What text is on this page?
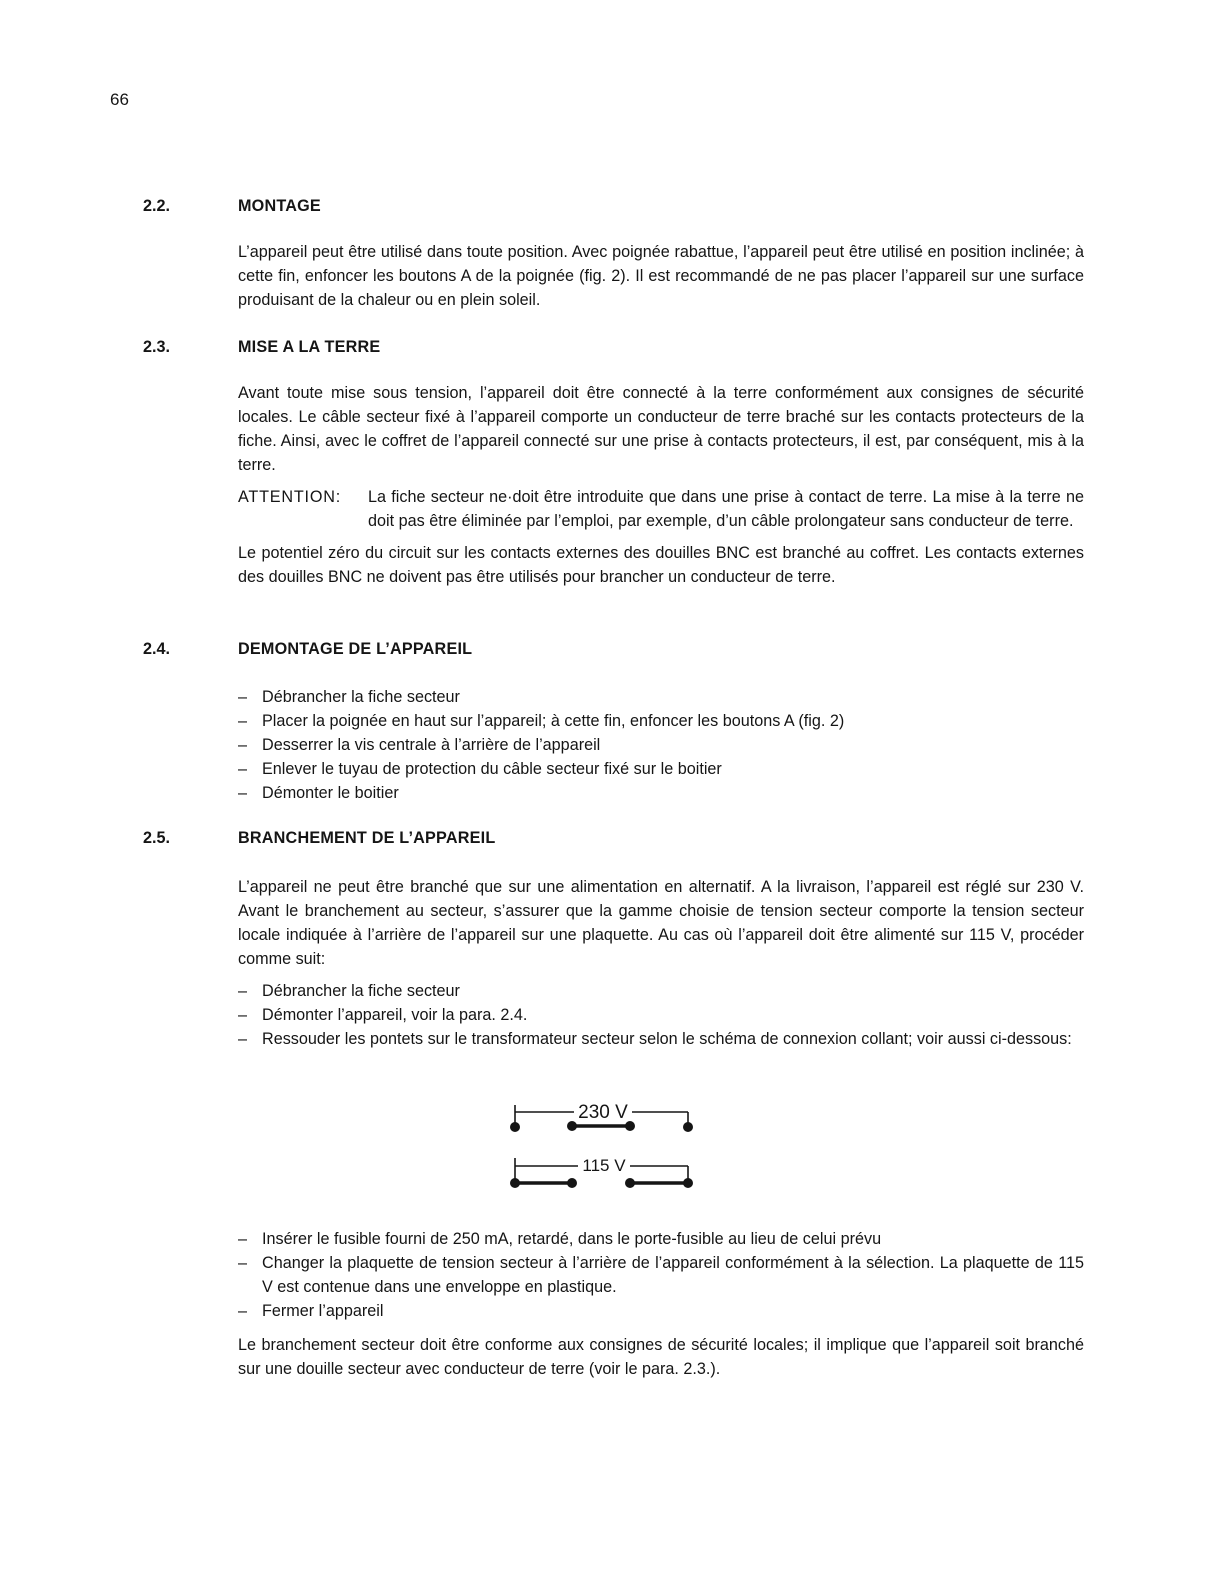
66
2.2.	MONTAGE

L’appareil peut être utilisé dans toute position. Avec poignée rabattue, l’appareil peut être utilisé en position inclinée; à cette fin, enfoncer les boutons A de la poignée (fig. 2). Il est recommandé de ne pas placer l’appareil sur une surface produisant de la chaleur ou en plein soleil.

2.3.	MISE A LA TERRE

Avant toute mise sous tension, l’appareil doit être connecté à la terre conformément aux consignes de sécurité locales. Le câble secteur fixé à l’appareil comporte un conducteur de terre braché sur les contacts protecteurs de la fiche. Ainsi, avec le coffret de l’appareil connecté sur une prise à contacts protecteurs, il est, par conséquent, mis à la terre.

ATTENTION: La fiche secteur ne·doit être introduite que dans une prise à contact de terre. La mise à la terre ne doit pas être éliminée par l’emploi, par exemple, d’un câble prolongateur sans conducteur de terre.

Le potentiel zéro du circuit sur les contacts externes des douilles BNC est branché au coffret. Les contacts externes des douilles BNC ne doivent pas être utilisés pour brancher un conducteur de terre.

2.4.	DEMONTAGE DE L’APPAREIL
– Débrancher la fiche secteur
– Placer la poignée en haut sur l’appareil; à cette fin, enfoncer les boutons A (fig. 2)
– Desserrer la vis centrale à l’arrière de l’appareil
– Enlever le tuyau de protection du câble secteur fixé sur le boitier
– Démonter le boitier
2.5.	BRANCHEMENT DE L’APPAREIL

L’appareil ne peut être branché que sur une alimentation en alternatif. A la livraison, l’appareil est réglé sur 230 V. Avant le branchement au secteur, s’assurer que la gamme choisie de tension secteur comporte la tension secteur locale indiquée à l’arrière de l’appareil sur une plaquette. Au cas où l’appareil doit être alimenté sur 115 V, procéder comme suit:

– Débrancher la fiche secteur
– Démonter l’appareil, voir la para. 2.4.
– Ressouder les pontets sur le transformateur secteur selon le schéma de connexion collant; voir aussi ci-dessous:
– Insérer le fusible fourni de 250 mA, retardé, dans le porte-fusible au lieu de celui prévu
– Changer la plaquette de tension secteur à l’arrière de l’appareil conformément à la sélection. La plaquette de 115 V est contenue dans une enveloppe en plastique.
– Fermer l’appareil

Le branchement secteur doit être conforme aux consignes de sécurité locales; il implique que l’appareil soit branché sur une douille secteur avec conducteur de terre (voir le para. 2.3.).

230 V
115 V
